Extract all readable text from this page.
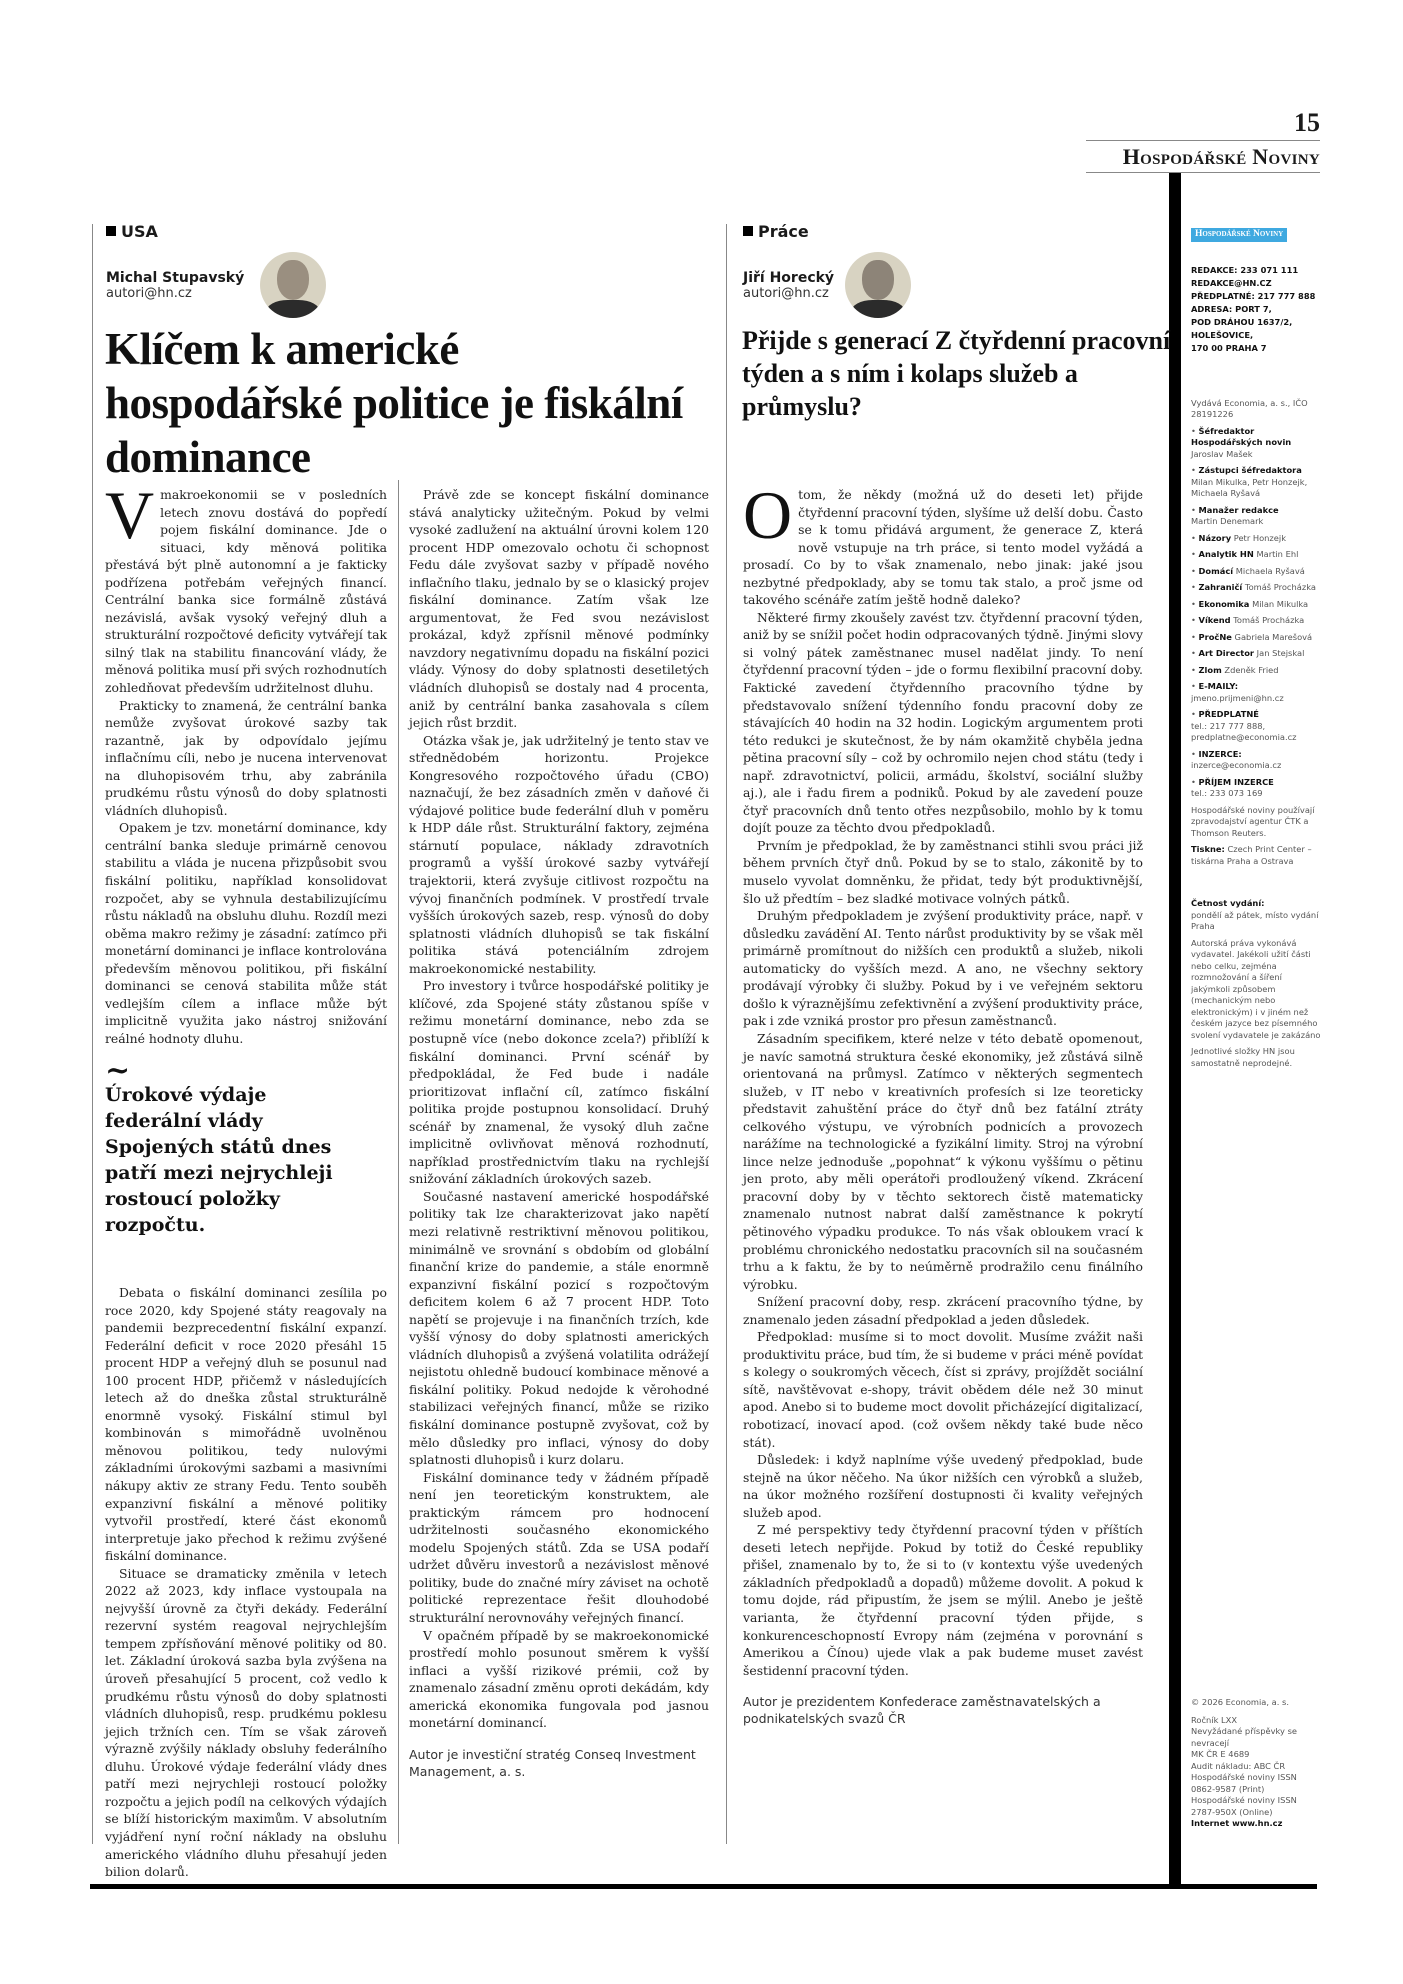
15
Hospodářské Noviny
USA
Michal Stupavský
autori@hn.cz
Klíčem k americké hospodářské politice je fiskální dominance

Vmakroekonomii se v posledních letech znovu dostává do popředí pojem fiskální dominance. Jde o situaci, kdy měnová politika přestává být plně autonomní a je fakticky podřízena potřebám veřejných financí. Centrální banka sice formálně zůstává nezávislá, avšak vysoký veřejný dluh a strukturální rozpočtové deficity vytvářejí tak silný tlak na stabilitu financování vlády, že měnová politika musí při svých rozhodnutích zohledňovat především udržitelnost dluhu.

Prakticky to znamená, že centrální banka nemůže zvyšovat úrokové sazby tak razantně, jak by odpovídalo jejímu inflačnímu cíli, nebo je nucena intervenovat na dluhopisovém trhu, aby zabránila prudkému růstu výnosů do doby splatnosti vládních dluhopisů.

Opakem je tzv. monetární dominance, kdy centrální banka sleduje primárně cenovou stabilitu a vláda je nucena přizpůsobit svou fiskální politiku, například konsolidovat rozpočet, aby se vyhnula destabilizujícímu růstu nákladů na obsluhu dluhu. Rozdíl mezi oběma makro režimy je zásadní: zatímco při monetární dominanci je inflace kontrolována především měnovou politikou, při fiskální dominanci se cenová stabilita může stát vedlejším cílem a inflace může být implicitně využita jako nástroj snižování reálné hodnoty dluhu.

~
Úrokové výdaje federální vlády Spojených států dnes patří mezi nejrychleji rostoucí položky rozpočtu.

Debata o fiskální dominanci zesílila po roce 2020, kdy Spojené státy reagovaly na pandemii bezprecedentní fiskální expanzí. Federální deficit v roce 2020 přesáhl 15 procent HDP a veřejný dluh se posunul nad 100 procent HDP, přičemž v následujících letech až do dneška zůstal strukturálně enormně vysoký. Fiskální stimul byl kombinován s mimořádně uvolněnou měnovou politikou, tedy nulovými základními úrokovými sazbami a masivními nákupy aktiv ze strany Fedu. Tento souběh expanzivní fiskální a měnové politiky vytvořil prostředí, které část ekonomů interpretuje jako přechod k režimu zvýšené fiskální dominance.

Situace se dramaticky změnila v letech 2022 až 2023, kdy inflace vystoupala na nejvyšší úrovně za čtyři dekády. Federální rezervní systém reagoval nejrychlejším tempem zpřísňování měnové politiky od 80. let. Základní úroková sazba byla zvýšena na úroveň přesahující 5 procent, což vedlo k prudkému růstu výnosů do doby splatnosti vládních dluhopisů, resp. prudkému poklesu jejich tržních cen. Tím se však zároveň výrazně zvýšily náklady obsluhy federálního dluhu. Úrokové výdaje federální vlády dnes patří mezi nejrychleji rostoucí položky rozpočtu a jejich podíl na celkových výdajích se blíží historickým maximům. V absolutním vyjádření nyní roční náklady na obsluhu amerického vládního dluhu přesahují jeden bilion dolarů.

Právě zde se koncept fiskální dominance stává analyticky užitečným. Pokud by velmi vysoké zadlužení na aktuální úrovni kolem 120 procent HDP omezovalo ochotu či schopnost Fedu dále zvyšovat sazby v případě nového inflačního tlaku, jednalo by se o klasický projev fiskální dominance. Zatím však lze argumentovat, že Fed svou nezávislost prokázal, když zpřísnil měnové podmínky navzdory negativnímu dopadu na fiskální pozici vlády. Výnosy do doby splatnosti desetiletých vládních dluhopisů se dostaly nad 4 procenta, aniž by centrální banka zasahovala s cílem jejich růst brzdit.

Otázka však je, jak udržitelný je tento stav ve střednědobém horizontu. Projekce Kongresového rozpočtového úřadu (CBO) naznačují, že bez zásadních změn v daňové či výdajové politice bude federální dluh v poměru k HDP dále růst. Strukturální faktory, zejména stárnutí populace, náklady zdravotních programů a vyšší úrokové sazby vytvářejí trajektorii, která zvyšuje citlivost rozpočtu na vývoj finančních podmínek. V prostředí trvale vyšších úrokových sazeb, resp. výnosů do doby splatnosti vládních dluhopisů se tak fiskální politika stává potenciálním zdrojem makroekonomické nestability.

Pro investory i tvůrce hospodářské politiky je klíčové, zda Spojené státy zůstanou spíše v režimu monetární dominance, nebo zda se postupně více (nebo dokonce zcela?) přiblíží k fiskální dominanci. První scénář by předpokládal, že Fed bude i nadále prioritizovat inflační cíl, zatímco fiskální politika projde postupnou konsolidací. Druhý scénář by znamenal, že vysoký dluh začne implicitně ovlivňovat měnová rozhodnutí, například prostřednictvím tlaku na rychlejší snižování základních úrokových sazeb.

Současné nastavení americké hospodářské politiky tak lze charakterizovat jako napětí mezi relativně restriktivní měnovou politikou, minimálně ve srovnání s obdobím od globální finanční krize do pandemie, a stále enormně expanzivní fiskální pozicí s rozpočtovým deficitem kolem 6 až 7 procent HDP. Toto napětí se projevuje i na finančních trzích, kde vyšší výnosy do doby splatnosti amerických vládních dluhopisů a zvýšená volatilita odrážejí nejistotu ohledně budoucí kombinace měnové a fiskální politiky. Pokud nedojde k věrohodné stabilizaci veřejných financí, může se riziko fiskální dominance postupně zvyšovat, což by mělo důsledky pro inflaci, výnosy do doby splatnosti dluhopisů i kurz dolaru.

Fiskální dominance tedy v žádném případě není jen teoretickým konstruktem, ale praktickým rámcem pro hodnocení udržitelnosti současného ekonomického modelu Spojených států. Zda se USA podaří udržet důvěru investorů a nezávislost měnové politiky, bude do značné míry záviset na ochotě politické reprezentace řešit dlouhodobé strukturální nerovnováhy veřejných financí.

V opačném případě by se makroekonomické prostředí mohlo posunout směrem k vyšší inflaci a vyšší rizikové prémii, což by znamenalo zásadní změnu oproti dekádám, kdy americká ekonomika fungovala pod jasnou monetární dominancí.

Autor je investiční stratég Conseq Investment Management, a. s.
Práce
Jiří Horecký
autori@hn.cz
Přijde s generací Z čtyřdenní pracovní týden a s ním i kolaps služeb a průmyslu?

Otom, že někdy (možná už do deseti let) přijde čtyřdenní pracovní týden, slyšíme už delší dobu. Často se k tomu přidává argument, že generace Z, která nově vstupuje na trh práce, si tento model vyžádá a prosadí. Co by to však znamenalo, nebo jinak: jaké jsou nezbytné předpoklady, aby se tomu tak stalo, a proč jsme od takového scénáře zatím ještě hodně daleko?

Některé firmy zkoušely zavést tzv. čtyřdenní pracovní týden, aniž by se snížil počet hodin odpracovaných týdně. Jinými slovy si volný pátek zaměstnanec musel nadělat jindy. To není čtyřdenní pracovní týden – jde o formu flexibilní pracovní doby. Faktické zavedení čtyřdenního pracovního týdne by představovalo snížení týdenního fondu pracovní doby ze stávajících 40 hodin na 32 hodin. Logickým argumentem proti této redukci je skutečnost, že by nám okamžitě chyběla jedna pětina pracovní síly – což by ochromilo nejen chod státu (tedy i např. zdravotnictví, policii, armádu, školství, sociální služby aj.), ale i řadu firem a podniků. Pokud by ale zavedení pouze čtyř pracovních dnů tento otřes nezpůsobilo, mohlo by k tomu dojít pouze za těchto dvou předpokladů.

Prvním je předpoklad, že by zaměstnanci stihli svou práci již během prvních čtyř dnů. Pokud by se to stalo, zákonitě by to muselo vyvolat domněnku, že přidat, tedy být produktivnější, šlo už předtím – bez sladké motivace volných pátků.

Druhým předpokladem je zvýšení produktivity práce, např. v důsledku zavádění AI. Tento nárůst produktivity by se však měl primárně promítnout do nižších cen produktů a služeb, nikoli automaticky do vyšších mezd. A ano, ne všechny sektory prodávají výrobky či služby. Pokud by i ve veřejném sektoru došlo k výraznějšímu zefektivnění a zvýšení produktivity práce, pak i zde vzniká prostor pro přesun zaměstnanců.

Zásadním specifikem, které nelze v této debatě opomenout, je navíc samotná struktura české ekonomiky, jež zůstává silně orientovaná na průmysl. Zatímco v některých segmentech služeb, v IT nebo v kreativních profesích si lze teoreticky představit zahuštění práce do čtyř dnů bez fatální ztráty celkového výstupu, ve výrobních podnicích a provozech narážíme na technologické a fyzikální limity. Stroj na výrobní lince nelze jednoduše „popohnat“ k výkonu vyššímu o pětinu jen proto, aby měli operátoři prodloužený víkend. Zkrácení pracovní doby by v těchto sektorech čistě matematicky znamenalo nutnost nabrat další zaměstnance k pokrytí pětinového výpadku produkce. To nás však obloukem vrací k problému chronického nedostatku pracovních sil na současném trhu a k faktu, že by to neúměrně prodražilo cenu finálního výrobku.

Snížení pracovní doby, resp. zkrácení pracovního týdne, by znamenalo jeden zásadní předpoklad a jeden důsledek.

Předpoklad: musíme si to moct dovolit. Musíme zvážit naši produktivitu práce, bud tím, že si budeme v práci méně povídat s kolegy o soukromých věcech, číst si zprávy, projíždět sociální sítě, navštěvovat e-shopy, trávit obědem déle než 30 minut apod. Anebo si to budeme moct dovolit přicházející digitalizací, robotizací, inovací apod. (což ovšem někdy také bude něco stát).

Důsledek: i když naplníme výše uvedený předpoklad, bude stejně na úkor něčeho. Na úkor nižších cen výrobků a služeb, na úkor možného rozšíření dostupnosti či kvality veřejných služeb apod.

Z mé perspektivy tedy čtyřdenní pracovní týden v příštích deseti letech nepřijde. Pokud by totiž do České republiky přišel, znamenalo by to, že si to (v kontextu výše uvedených základních předpokladů a dopadů) můžeme dovolit. A pokud k tomu dojde, rád připustím, že jsem se mýlil. Anebo je ještě varianta, že čtyřdenní pracovní týden přijde, s konkurenceschopností Evropy nám (zejména v porovnání s Amerikou a Čínou) ujede vlak a pak budeme muset zavést šestidenní pracovní týden.

Autor je prezidentem Konfederace zaměstnavatelských a podnikatelských svazů ČR
Hospodářské Noviny
REDAKCE: 233 071 111
REDAKCE@HN.CZ
PŘEDPLATNÉ: 217 777 888
ADRESA: PORT 7,
POD DRÁHOU 1637/2,
HOLEŠOVICE,
170 00 PRAHA 7
Vydává Economia, a. s., IČO 28191226
• Šéfredaktor Hospodářských novin
Jaroslav Mašek
• Zástupci šéfredaktora
Milan Mikulka, Petr Honzejk, Michaela Ryšavá
• Manažer redakce
Martin Denemark
• Názory Petr Honzejk
• Analytik HN Martin Ehl
• Domácí Michaela Ryšavá
• Zahraničí Tomáš Procházka
• Ekonomika Milan Mikulka
• Víkend Tomáš Procházka
• PročNe Gabriela Marešová
• Art Director Jan Stejskal
• Zlom Zdeněk Fried
• E-MAILY:
jmeno.prijmeni@hn.cz
• PŘEDPLATNÉ
tel.: 217 777 888, predplatne@economia.cz
• INZERCE:
inzerce@economia.cz
• PŘÍJEM INZERCE
tel.: 233 073 169
Hospodářské noviny používají zpravodajství agentur ČTK a Thomson Reuters.
Tiskne: Czech Print Center – tiskárna Praha a Ostrava
Četnost vydání:
pondělí až pátek, místo vydání Praha
Autorská práva vykonává vydavatel. Jakékoli užití části nebo celku, zejména rozmnožování a šíření jakýmkoli způsobem (mechanickým nebo elektronickým) i v jiném než českém jazyce bez písemného svolení vydavatele je zakázáno
Jednotlivé složky HN jsou samostatně neprodejné.
© 2026 Economia, a. s.
Ročník LXX
Nevyžádané příspěvky se nevracejí
MK ČR E 4689
Audit nákladu: ABC ČR
Hospodářské noviny ISSN 0862-9587 (Print)
Hospodářské noviny ISSN 2787-950X (Online)
Internet www.hn.cz
